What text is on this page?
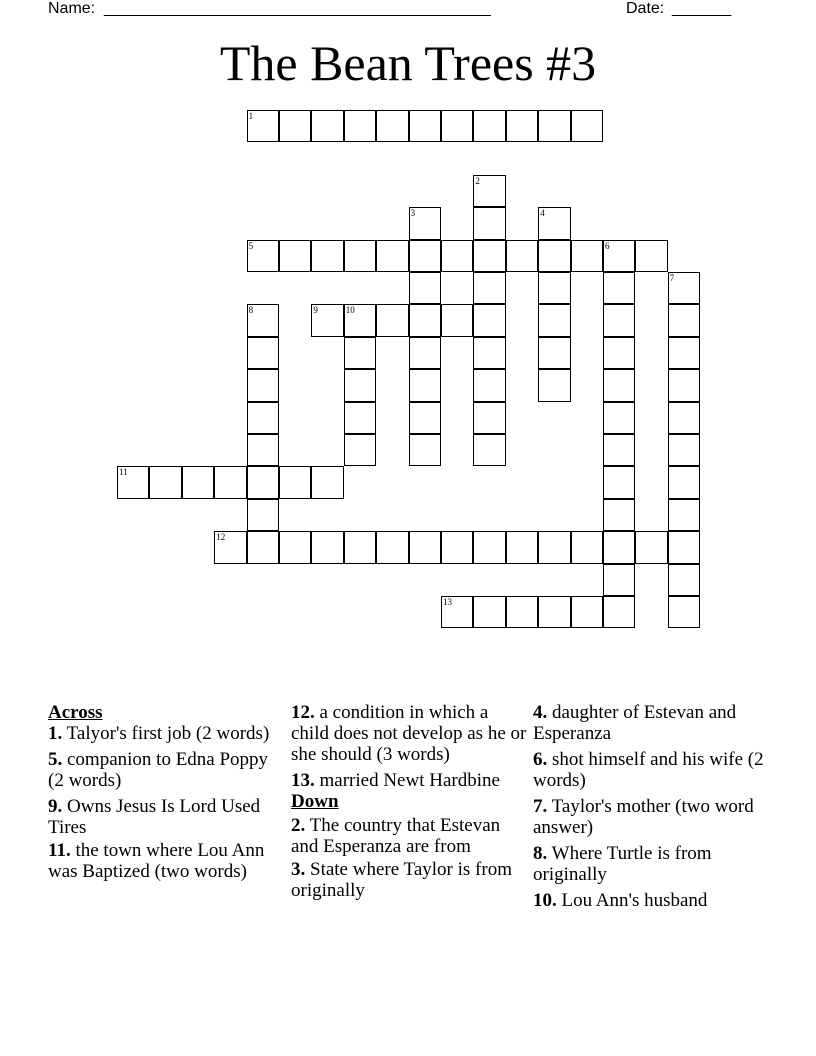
Name: ______________________________________________	Date: _______
The Bean Trees #3
1
2
3	4
5	6
7
8	9	10
11
12
13
Across
1. Talyor's first job (2 words)
5. companion to Edna Poppy (2 words)
9. Owns Jesus Is Lord Used Tires
11. the town where Lou Ann was Baptized (two words)
12. a condition in which a child does not develop as he or she should (3 words)
13. married Newt Hardbine
Down
2. The country that Estevan and Esperanza are from
3. State where Taylor is from originally
4. daughter of Estevan and Esperanza
6. shot himself and his wife (2 words)
7. Taylor's mother (two word answer)
8. Where Turtle is from originally
10. Lou Ann's husband
